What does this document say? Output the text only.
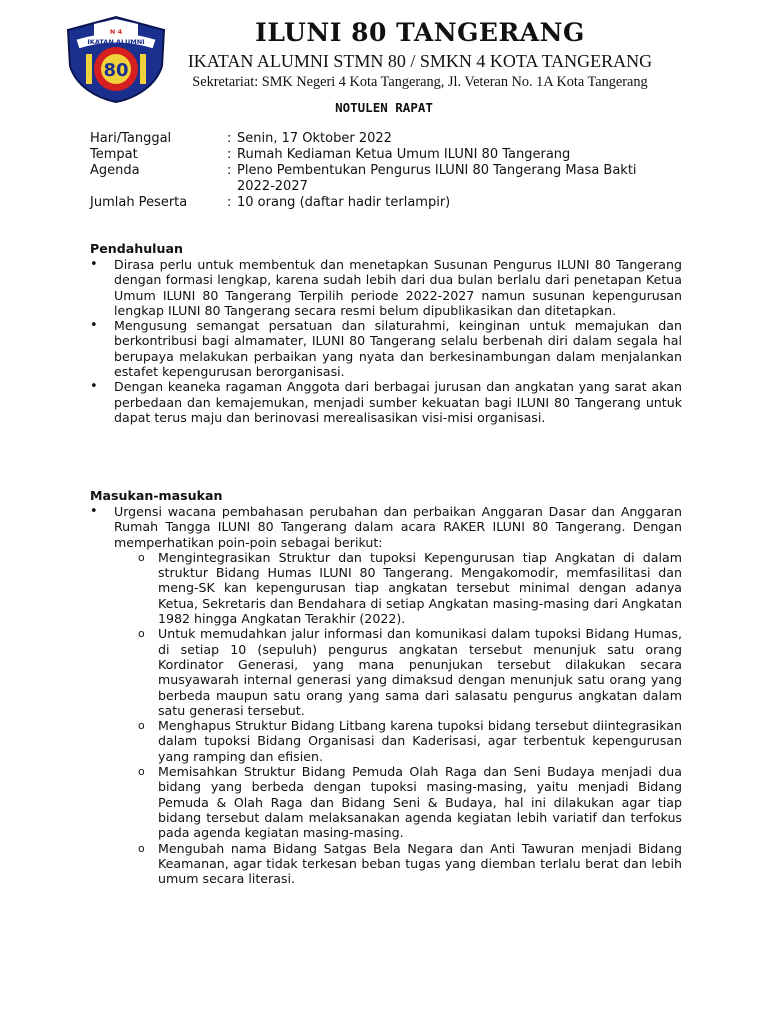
N 4
IKATAN ALUMNI
80
ILUNI 80 TANGERANG
IKATAN ALUMNI STMN 80 / SMKN 4 KOTA TANGERANG
Sekretariat: SMK Negeri 4 Kota Tangerang, Jl. Veteran No. 1A Kota Tangerang
NOTULEN RAPAT
Hari/Tanggal	: Senin, 17 Oktober 2022
Tempat	: Rumah Kediaman Ketua Umum ILUNI 80 Tangerang
Agenda	: Pleno Pembentukan Pengurus ILUNI 80 Tangerang Masa Bakti 2022-2027
Jumlah Peserta	: 10 orang (daftar hadir terlampir)
Pendahuluan
•	Dirasa perlu untuk membentuk dan menetapkan Susunan Pengurus ILUNI 80 Tangerang dengan formasi lengkap, karena sudah lebih dari dua bulan berlalu dari penetapan Ketua Umum ILUNI 80 Tangerang Terpilih periode 2022-2027 namun susunan kepengurusan lengkap ILUNI 80 Tangerang secara resmi belum dipublikasikan dan ditetapkan.
•	Mengusung semangat persatuan dan silaturahmi, keinginan untuk memajukan dan berkontribusi bagi almamater, ILUNI 80 Tangerang selalu berbenah diri dalam segala hal berupaya melakukan perbaikan yang nyata dan berkesinambungan dalam menjalankan estafet kepengurusan berorganisasi.
•	Dengan keaneka ragaman Anggota dari berbagai jurusan dan angkatan yang sarat akan perbedaan dan kemajemukan, menjadi sumber kekuatan bagi ILUNI 80 Tangerang untuk dapat terus maju dan berinovasi merealisasikan visi-misi organisasi.
Masukan-masukan
•	Urgensi wacana pembahasan perubahan dan perbaikan Anggaran Dasar dan Anggaran Rumah Tangga ILUNI 80 Tangerang dalam acara RAKER ILUNI 80 Tangerang. Dengan memperhatikan poin-poin sebagai berikut:
o	Mengintegrasikan Struktur dan tupoksi Kepengurusan tiap Angkatan di dalam struktur Bidang Humas ILUNI 80 Tangerang. Mengakomodir, memfasilitasi dan meng-SK kan kepengurusan tiap angkatan tersebut minimal dengan adanya Ketua, Sekretaris dan Bendahara di setiap Angkatan masing-masing dari Angkatan 1982 hingga Angkatan Terakhir (2022).
o	Untuk memudahkan jalur informasi dan komunikasi dalam tupoksi Bidang Humas, di setiap 10 (sepuluh) pengurus angkatan tersebut menunjuk satu orang Kordinator Generasi, yang mana penunjukan tersebut dilakukan secara musyawarah internal generasi yang dimaksud dengan menunjuk satu orang yang berbeda maupun satu orang yang sama dari salasatu pengurus angkatan dalam satu generasi tersebut.
o	Menghapus Struktur Bidang Litbang karena tupoksi bidang tersebut diintegrasikan dalam tupoksi Bidang Organisasi dan Kaderisasi, agar terbentuk kepengurusan yang ramping dan efisien.
o	Memisahkan Struktur Bidang Pemuda Olah Raga dan Seni Budaya menjadi dua bidang yang berbeda dengan tupoksi masing-masing, yaitu menjadi Bidang Pemuda & Olah Raga dan Bidang Seni & Budaya, hal ini dilakukan agar tiap bidang tersebut dalam melaksanakan agenda kegiatan lebih variatif dan terfokus pada agenda kegiatan masing-masing.
o	Mengubah nama Bidang Satgas Bela Negara dan Anti Tawuran menjadi Bidang Keamanan, agar tidak terkesan beban tugas yang diemban terlalu berat dan lebih umum secara literasi.
